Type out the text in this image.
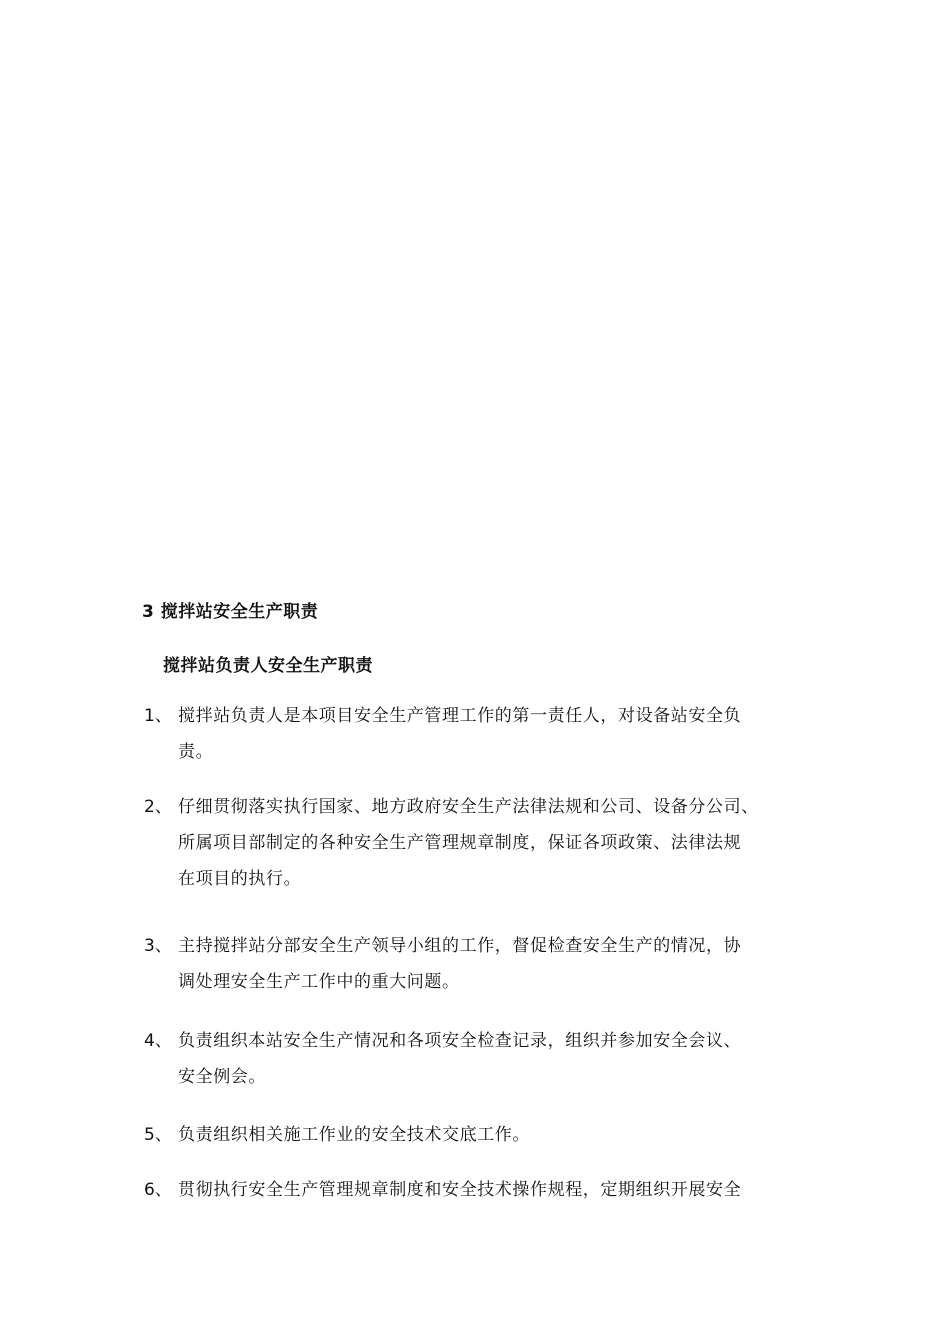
3 搅拌站安全生产职责
搅拌站负责人安全生产职责
1、 搅拌站负责人是本项目安全生产管理工作的第一责任人，对设备站安全负
责。
2、 仔细贯彻落实执行国家、地方政府安全生产法律法规和公司、设备分公司、
所属项目部制定的各种安全生产管理规章制度，保证各项政策、法律法规
在项目的执行。
3、 主持搅拌站分部安全生产领导小组的工作，督促检查安全生产的情况，协
调处理安全生产工作中的重大问题。
4、 负责组织本站安全生产情况和各项安全检查记录，组织并参加安全会议、
安全例会。
5、 负责组织相关施工作业的安全技术交底工作。
6、 贯彻执行安全生产管理规章制度和安全技术操作规程，定期组织开展安全
